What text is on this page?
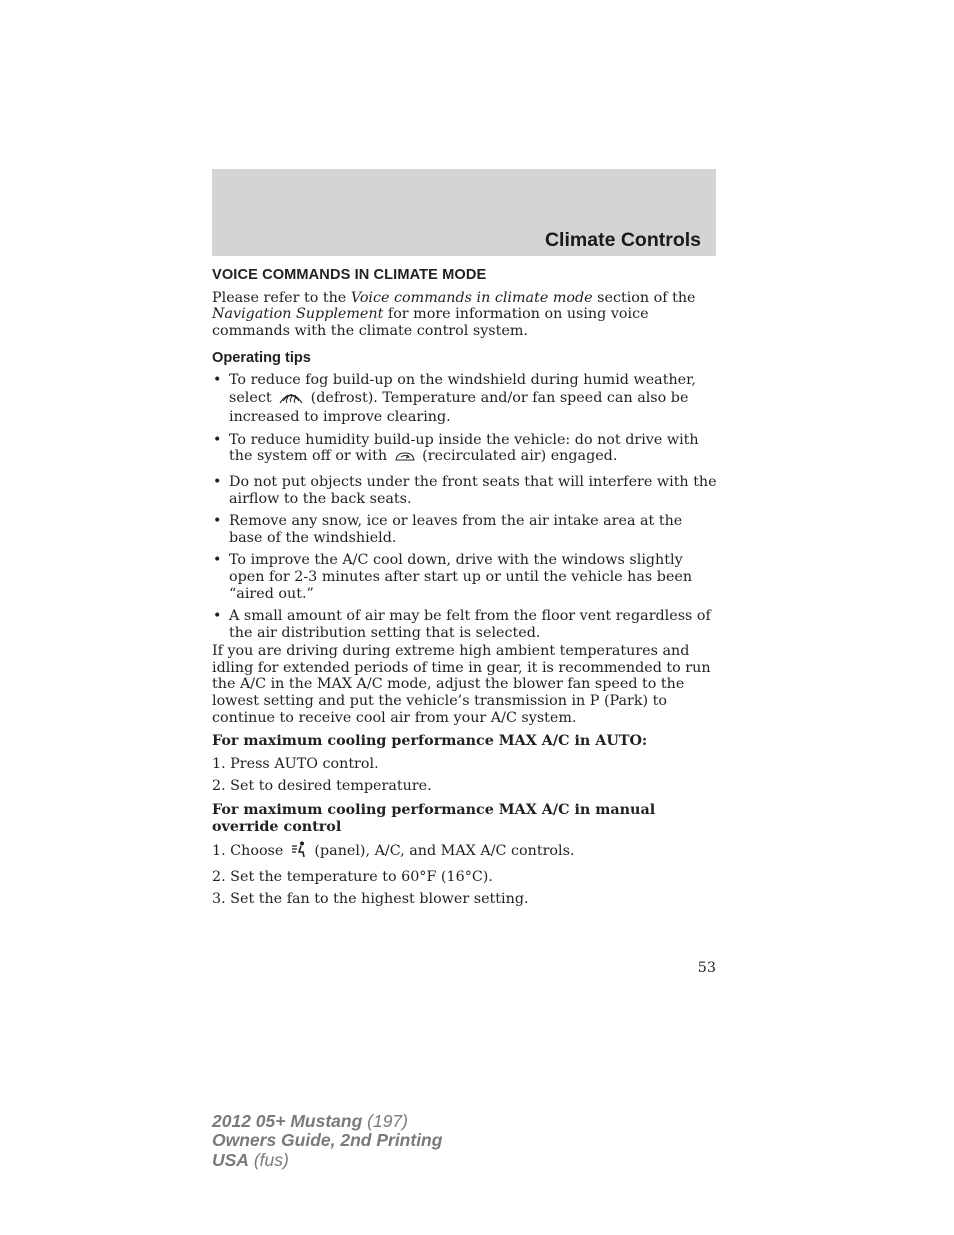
Climate Controls
VOICE COMMANDS IN CLIMATE MODE

Please refer to the Voice commands in climate mode section of the Navigation Supplement for more information on using voice commands with the climate control system.

Operating tips
• To reduce fog build-up on the windshield during humid weather, select  (defrost). Temperature and/or fan speed can also be increased to improve clearing.
• To reduce humidity build-up inside the vehicle: do not drive with the system off or with  (recirculated air) engaged.
• Do not put objects under the front seats that will interfere with the airflow to the back seats.
• Remove any snow, ice or leaves from the air intake area at the base of the windshield.
• To improve the A/C cool down, drive with the windows slightly open for 2-3 minutes after start up or until the vehicle has been “aired out.”
• A small amount of air may be felt from the floor vent regardless of the air distribution setting that is selected.

If you are driving during extreme high ambient temperatures and idling for extended periods of time in gear, it is recommended to run the A/C in the MAX A/C mode, adjust the blower fan speed to the lowest setting and put the vehicle’s transmission in P (Park) to continue to receive cool air from your A/C system.

For maximum cooling performance MAX A/C in AUTO:
1. Press AUTO control.
2. Set to desired temperature.
For maximum cooling performance MAX A/C in manual override control
1. Choose  (panel), A/C, and MAX A/C controls.
2. Set the temperature to 60°F (16°C).
3. Set the fan to the highest blower setting.
53
2012 05+ Mustang (197)
Owners Guide, 2nd Printing
USA (fus)
